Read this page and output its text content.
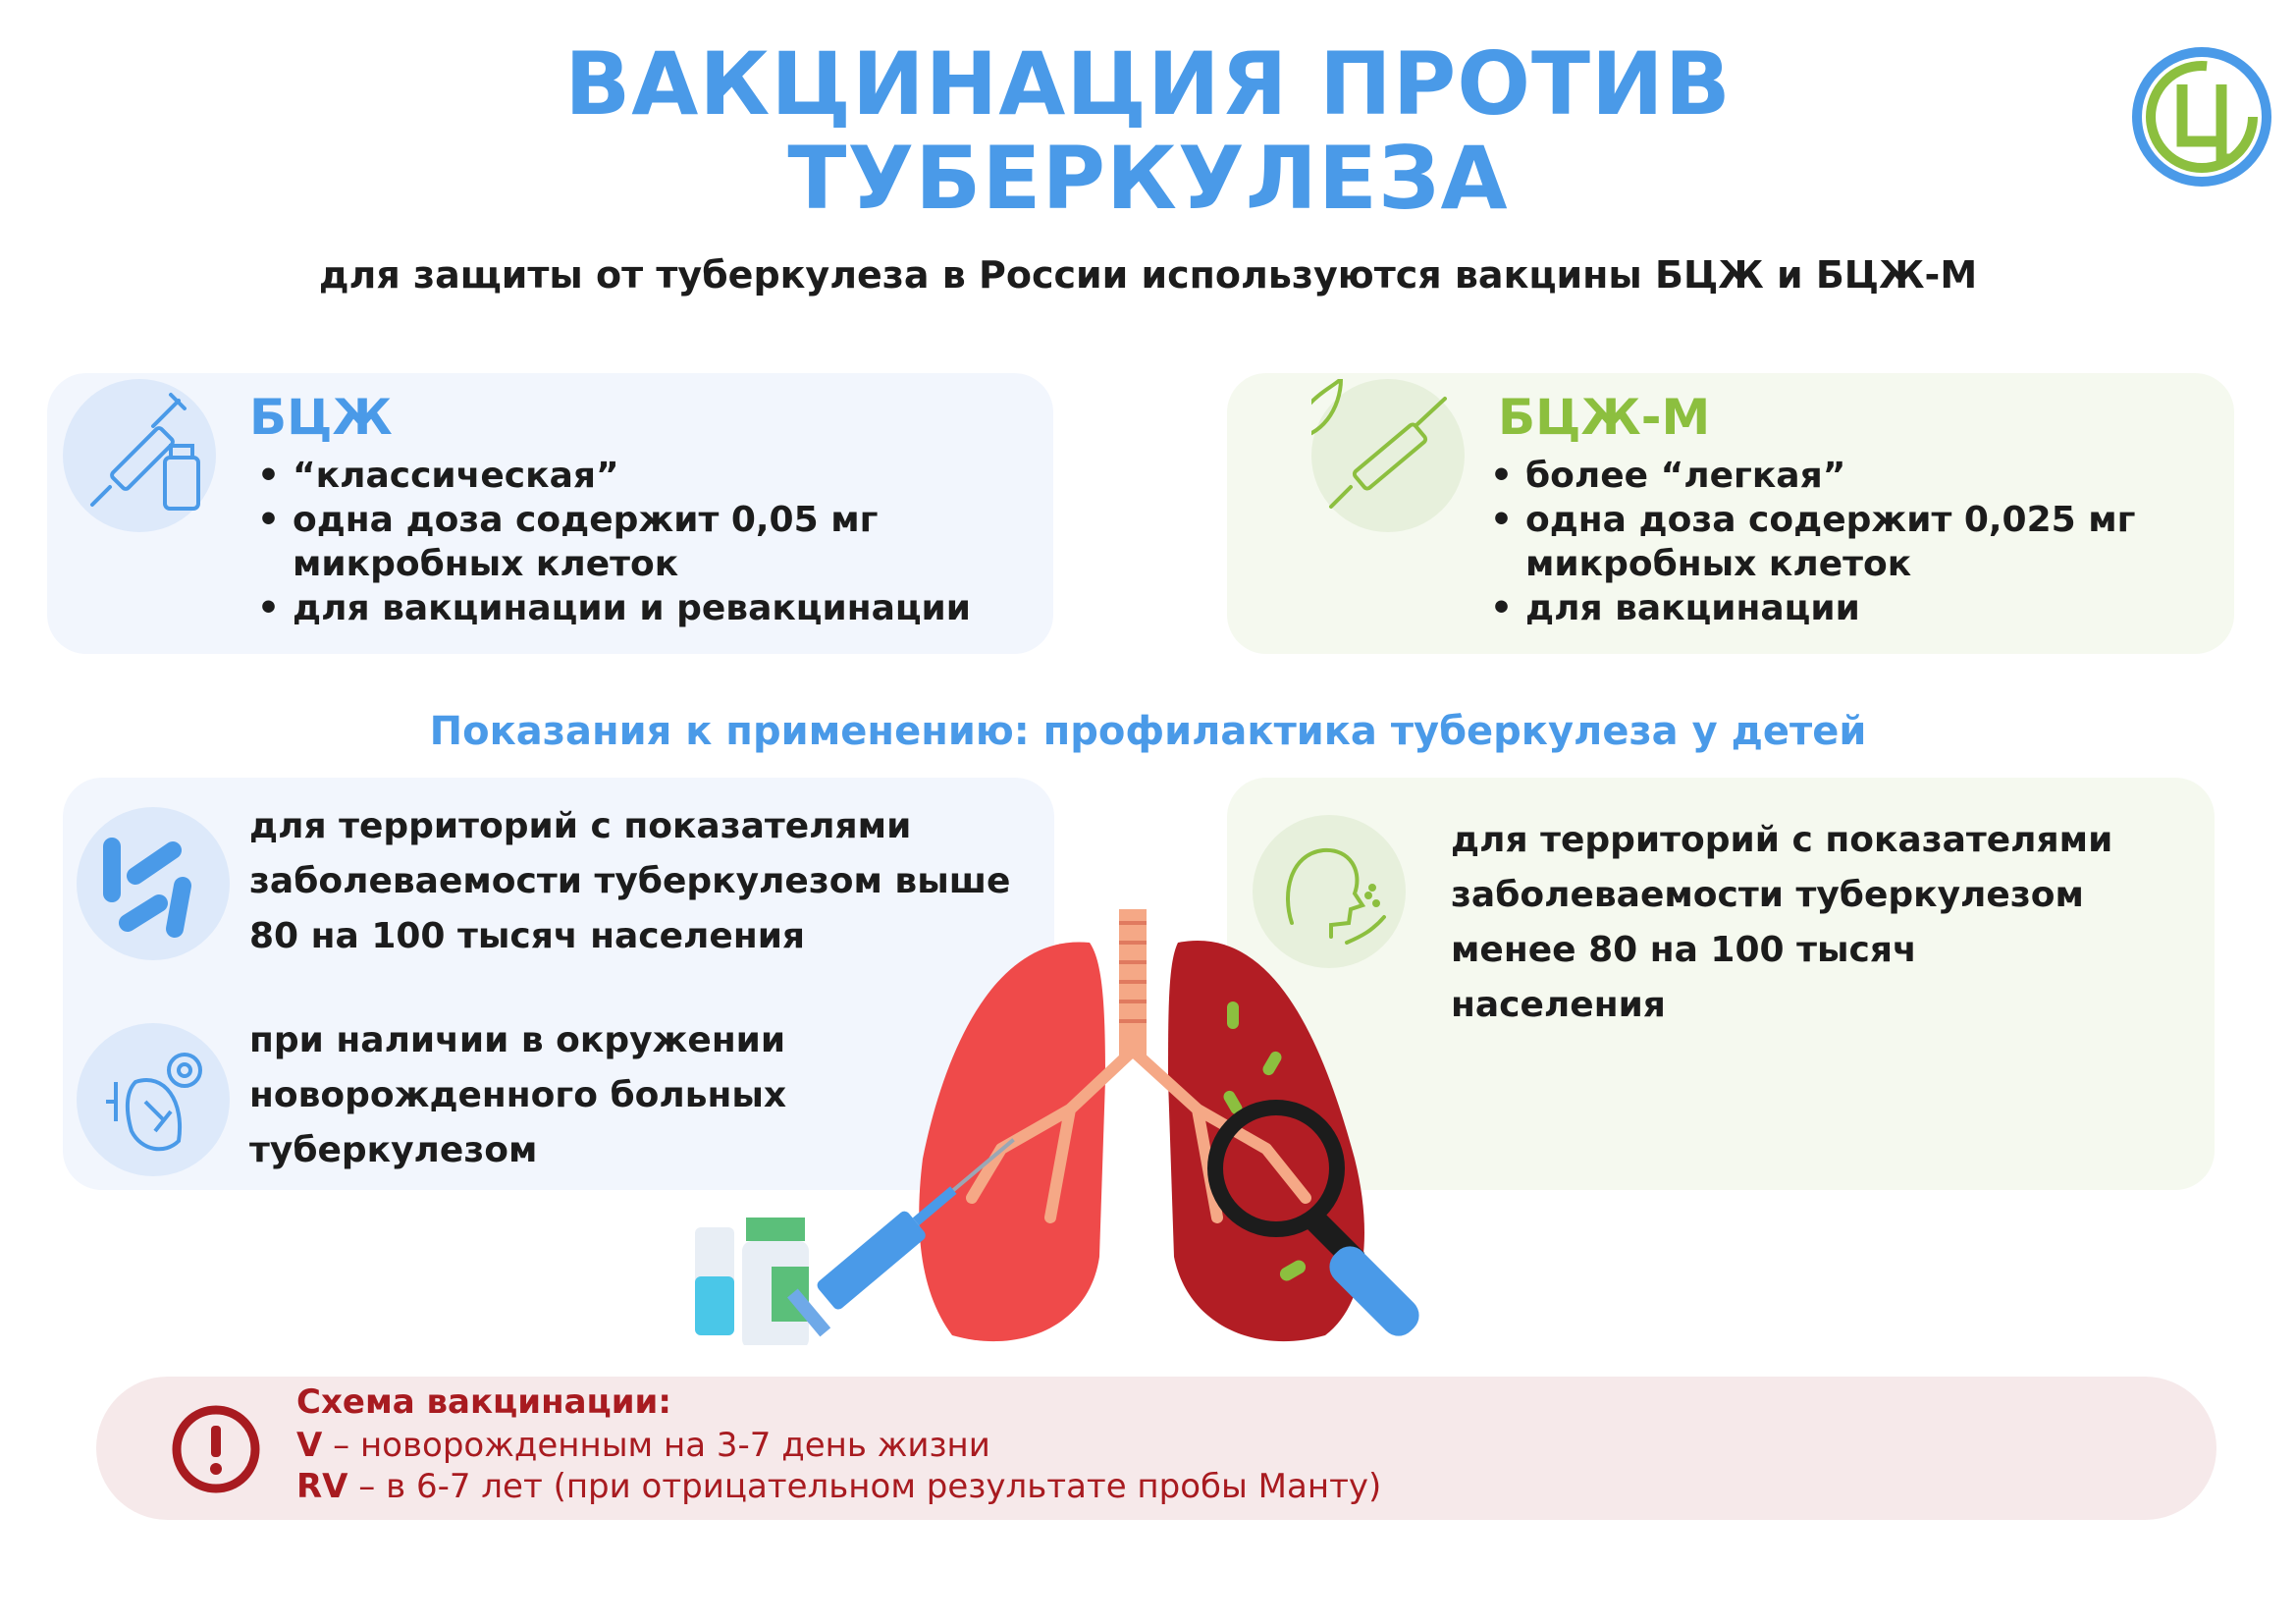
ВАКЦИНАЦИЯ ПРОТИВ
ТУБЕРКУЛЕЗА
для защиты от туберкулеза в России используются вакцины БЦЖ и БЦЖ-М
БЦЖ
• “классическая”
• одна доза содержит 0,05 мг микробных клеток
• для вакцинации и ревакцинации
БЦЖ-М
• более “легкая”
• одна доза содержит 0,025 мг микробных клеток
• для вакцинации
Показания к применению: профилактика туберкулеза у детей
для территорий с показателями заболеваемости туберкулезом выше 80 на 100 тысяч населения
при наличии в окружении новорожденного больных туберкулезом
для территорий с показателями заболеваемости туберкулезом менее 80 на 100 тысяч населения
Схема вакцинации:
V – новорожденным на 3-7 день жизни
RV – в 6-7 лет (при отрицательном результате пробы Манту)
